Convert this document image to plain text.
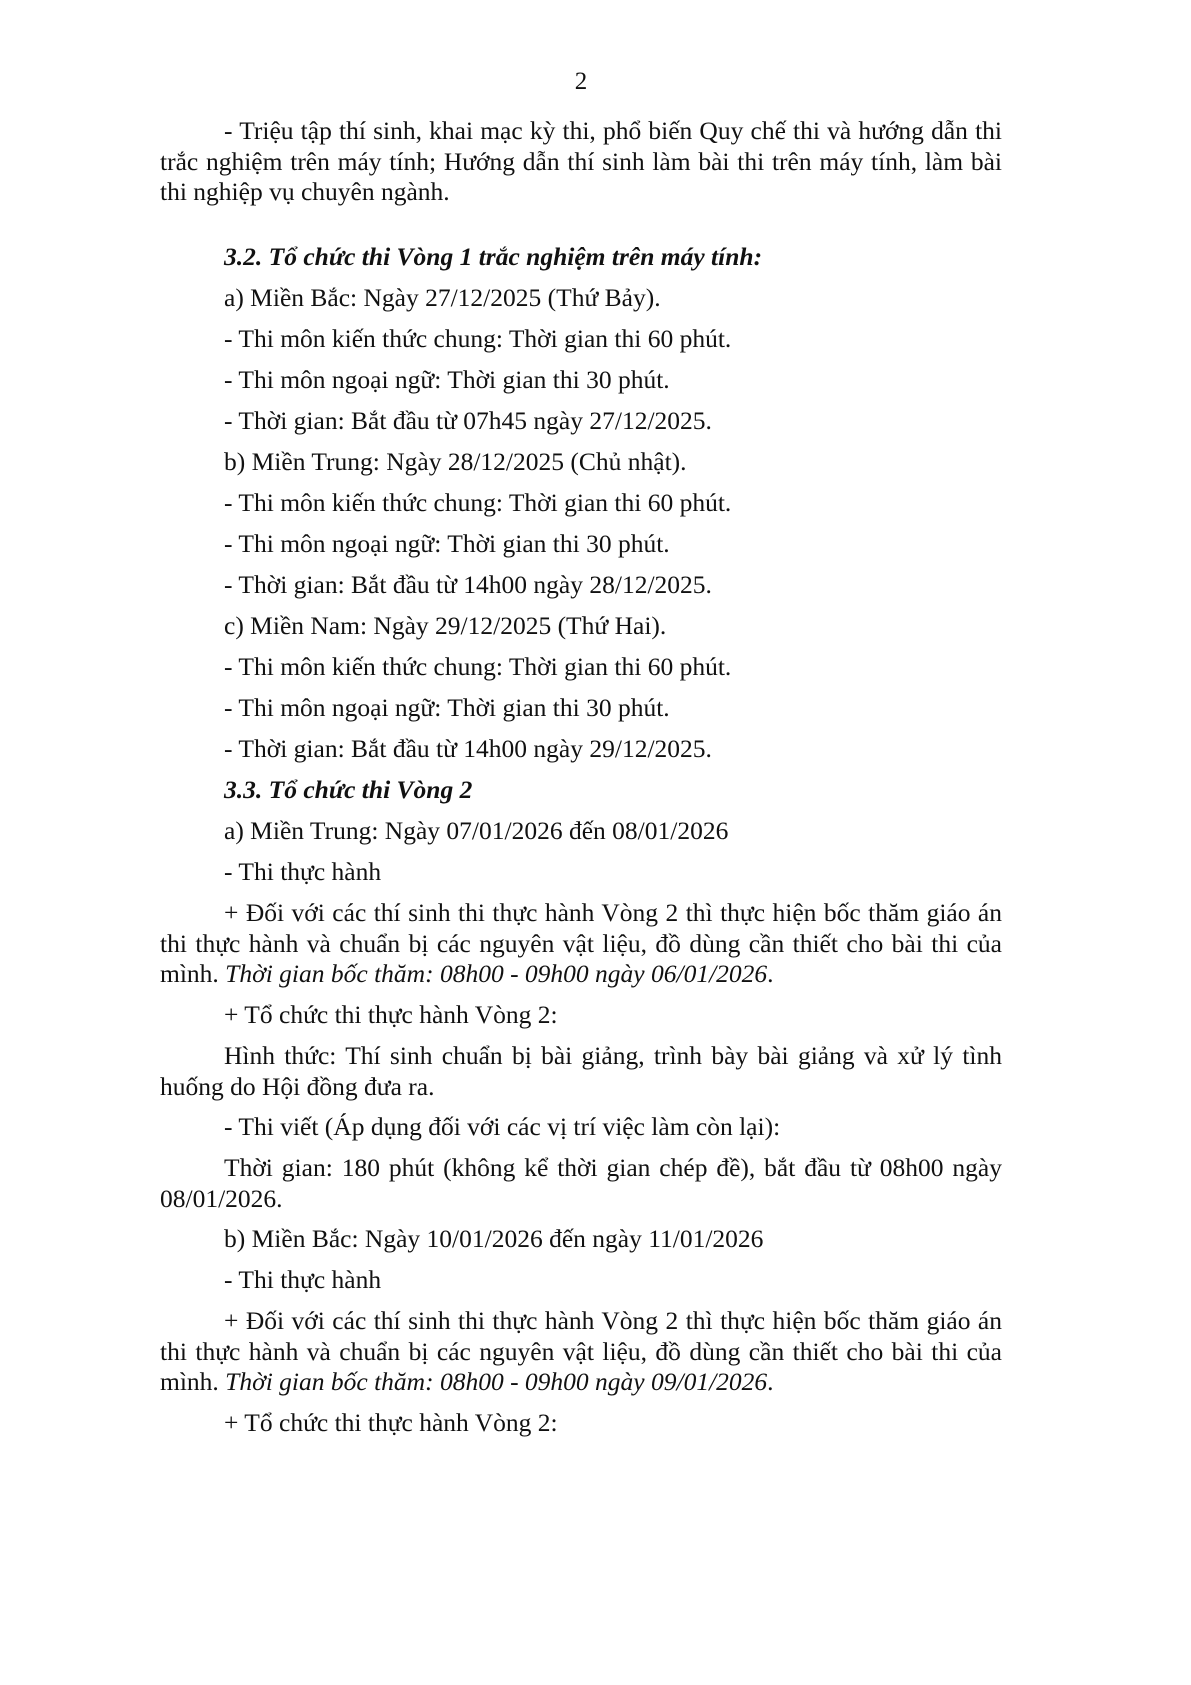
2
- Triệu tập thí sinh, khai mạc kỳ thi, phổ biến Quy chế thi và hướng dẫn thi trắc nghiệm trên máy tính; Hướng dẫn thí sinh làm bài thi trên máy tính, làm bài thi nghiệp vụ chuyên ngành.
3.2. Tổ chức thi Vòng 1 trắc nghiệm trên máy tính:
a) Miền Bắc: Ngày 27/12/2025 (Thứ Bảy).
- Thi môn kiến thức chung: Thời gian thi 60 phút.
- Thi môn ngoại ngữ: Thời gian thi 30 phút.
- Thời gian: Bắt đầu từ 07h45 ngày 27/12/2025.
b) Miền Trung: Ngày 28/12/2025 (Chủ nhật).
- Thi môn kiến thức chung: Thời gian thi 60 phút.
- Thi môn ngoại ngữ: Thời gian thi 30 phút.
- Thời gian: Bắt đầu từ 14h00 ngày 28/12/2025.
c) Miền Nam: Ngày 29/12/2025 (Thứ Hai).
- Thi môn kiến thức chung: Thời gian thi 60 phút.
- Thi môn ngoại ngữ: Thời gian thi 30 phút.
- Thời gian: Bắt đầu từ 14h00 ngày 29/12/2025.
3.3. Tổ chức thi Vòng 2
a) Miền Trung: Ngày 07/01/2026 đến 08/01/2026
- Thi thực hành
+ Đối với các thí sinh thi thực hành Vòng 2 thì thực hiện bốc thăm giáo án thi thực hành và chuẩn bị các nguyên vật liệu, đồ dùng cần thiết cho bài thi của mình. Thời gian bốc thăm: 08h00 - 09h00 ngày 06/01/2026.
+ Tổ chức thi thực hành Vòng 2:
Hình thức: Thí sinh chuẩn bị bài giảng, trình bày bài giảng và xử lý tình huống do Hội đồng đưa ra.
- Thi viết (Áp dụng đối với các vị trí việc làm còn lại):
Thời gian: 180 phút (không kể thời gian chép đề), bắt đầu từ 08h00 ngày 08/01/2026.
b) Miền Bắc: Ngày 10/01/2026 đến ngày 11/01/2026
- Thi thực hành
+ Đối với các thí sinh thi thực hành Vòng 2 thì thực hiện bốc thăm giáo án thi thực hành và chuẩn bị các nguyên vật liệu, đồ dùng cần thiết cho bài thi của mình. Thời gian bốc thăm: 08h00 - 09h00 ngày 09/01/2026.
+ Tổ chức thi thực hành Vòng 2:
